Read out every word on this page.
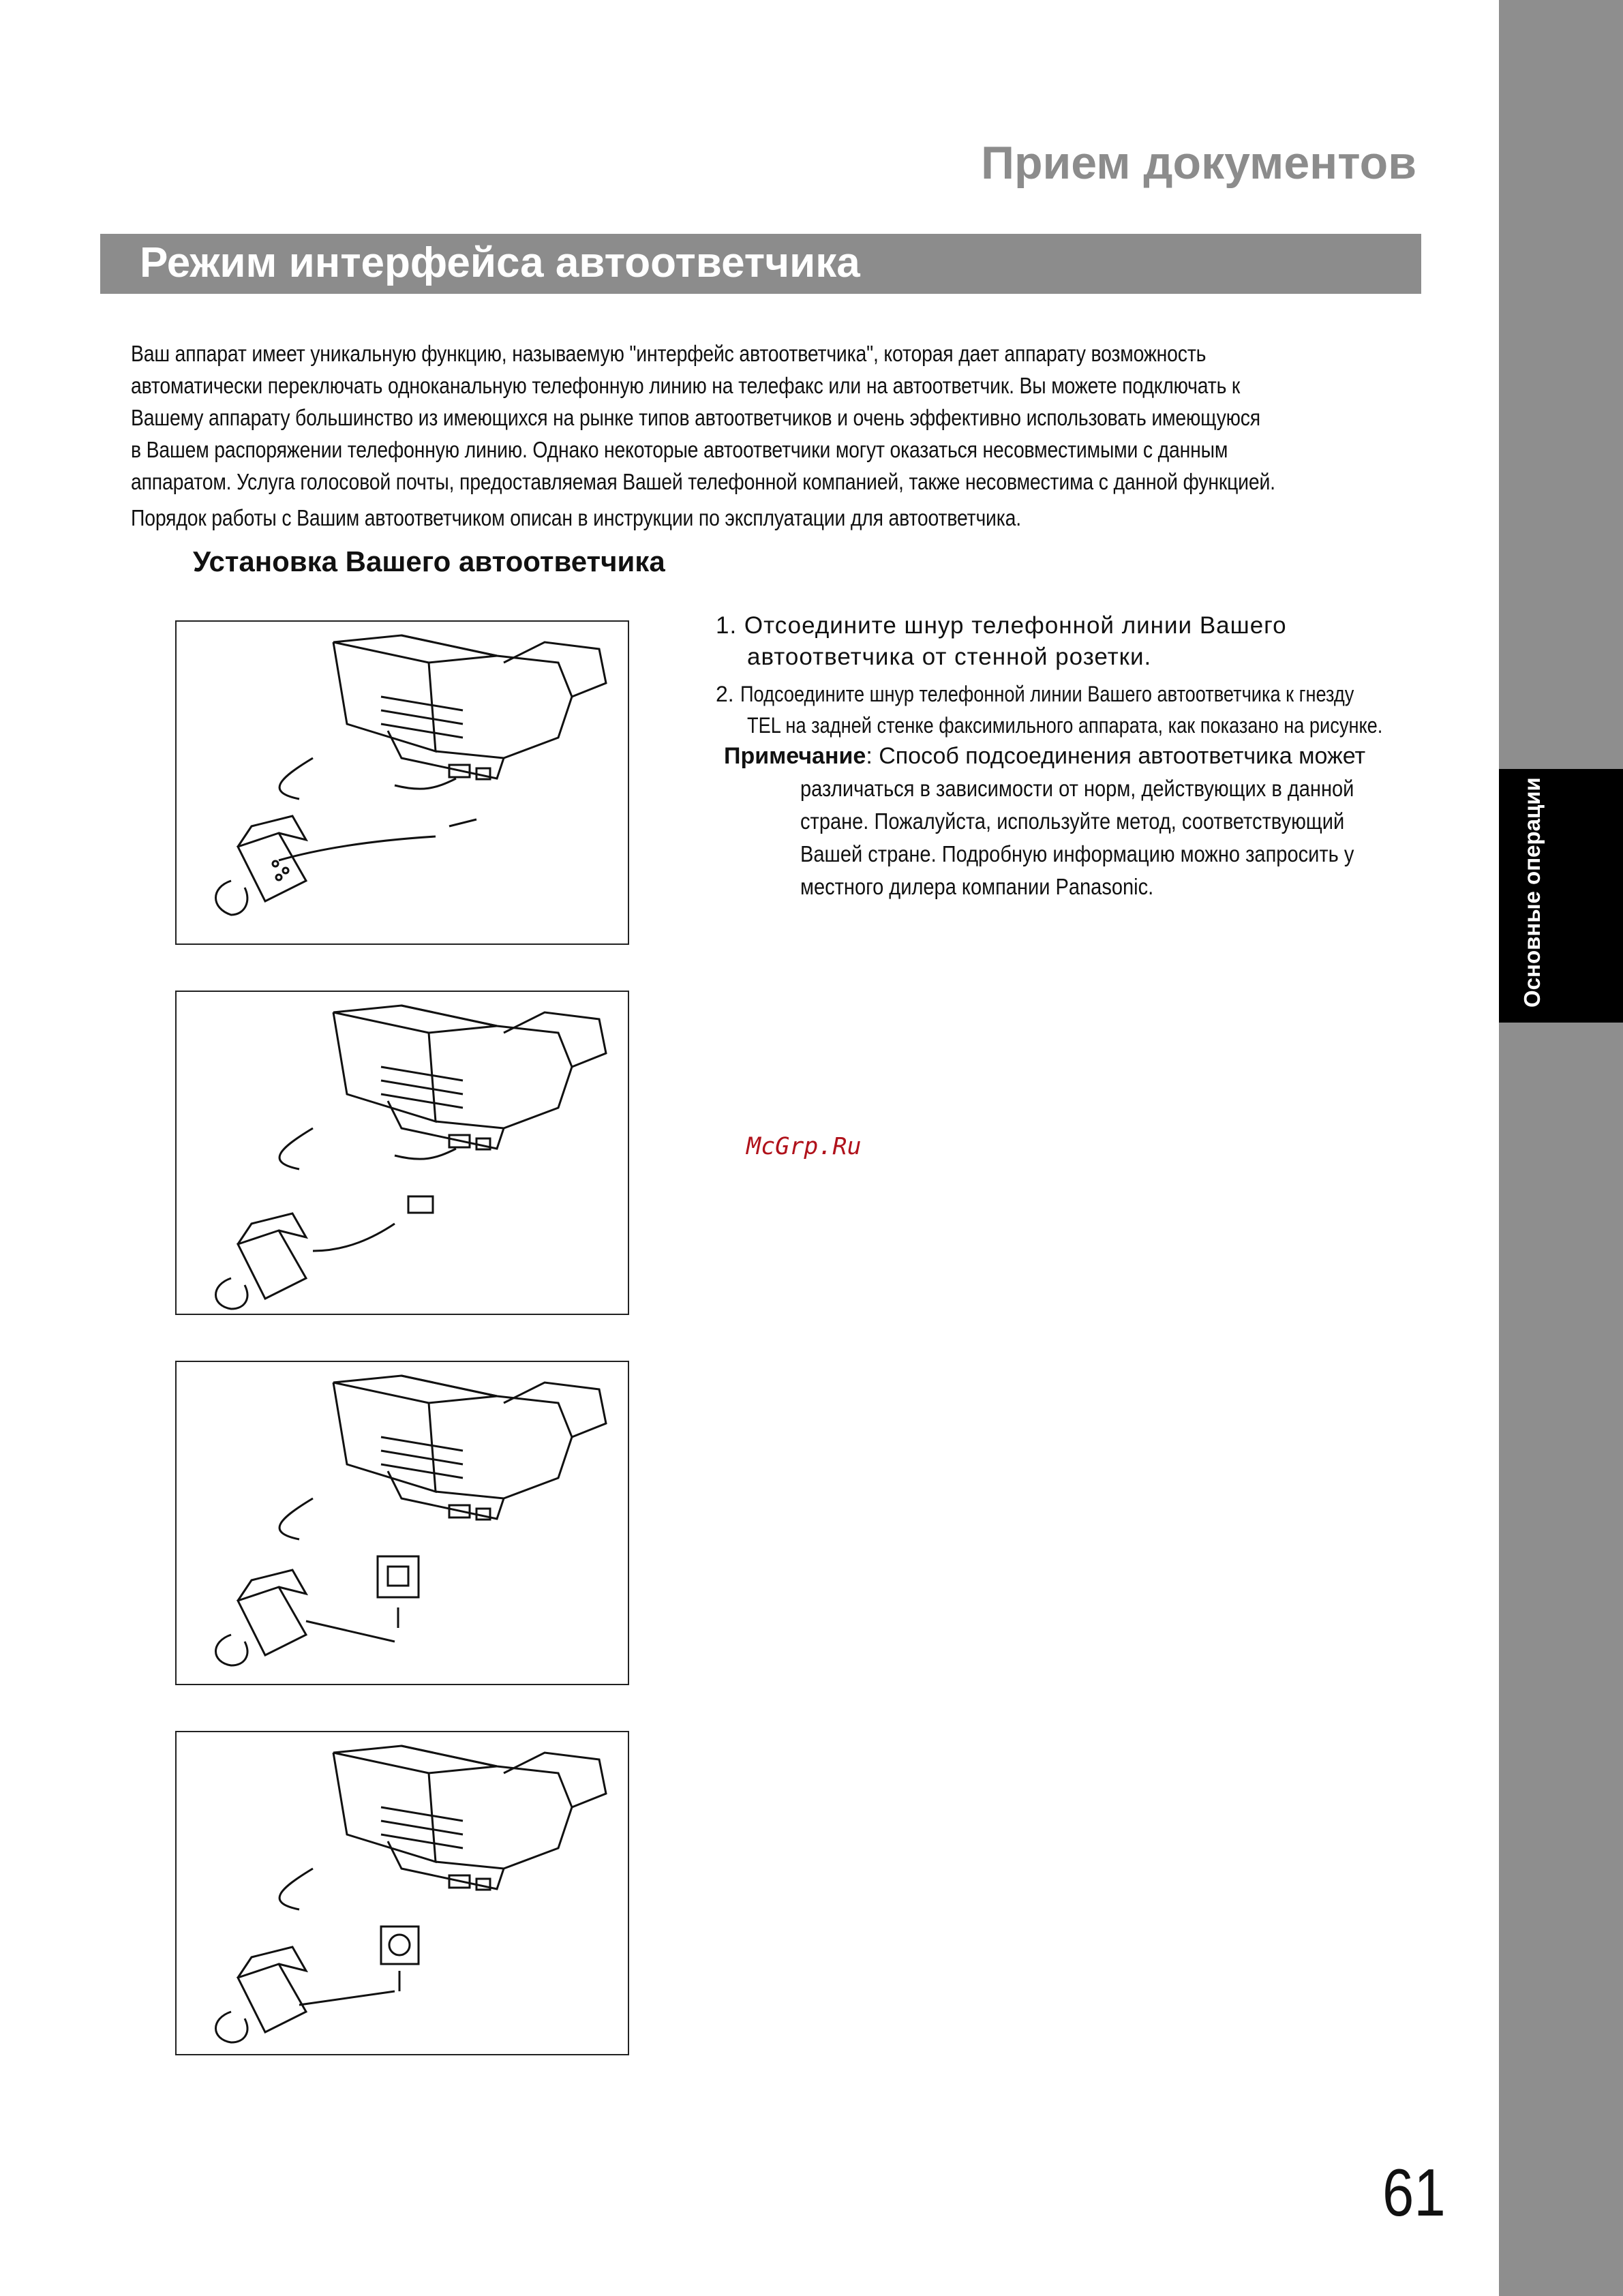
Основные операции
Прием документов
Режим интерфейса автоответчика

Ваш аппарат имеет уникальную функцию, называемую "интерфейс автоответчика", которая дает аппарату возможность

автоматически переключать одноканальную телефонную линию на телефакс или на автоответчик. Вы можете подключать к

Вашему аппарату большинство из имеющихся на рынке типов автоответчиков и очень эффективно использовать имеющуюся

в Вашем распоряжении телефонную линию. Однако некоторые автоответчики могут оказаться несовместимыми с данным

аппаратом. Услуга голосовой почты, предоставляемая Вашей телефонной компанией, также несовместима с данной функцией.

Порядок работы с Вашим автоответчиком описан в инструкции по эксплуатации для автоответчика.

Установка Вашего автоответчика
1. Отсоедините шнур телефонной линии Вашего
автоответчика от стенной розетки.
2. Подсоедините шнур телефонной линии Вашего автоответчика к гнезду
TEL на задней стенке факсимильного аппарата, как показано на рисунке.
Примечание: Способ подсоединения автоответчика может
различаться в зависимости от норм, действующих в данной
стране. Пожалуйста, используйте метод, соответствующий
Вашей стране. Подробную информацию можно запросить у
местного дилера компании Panasonic.
McGrp.Ru
61
